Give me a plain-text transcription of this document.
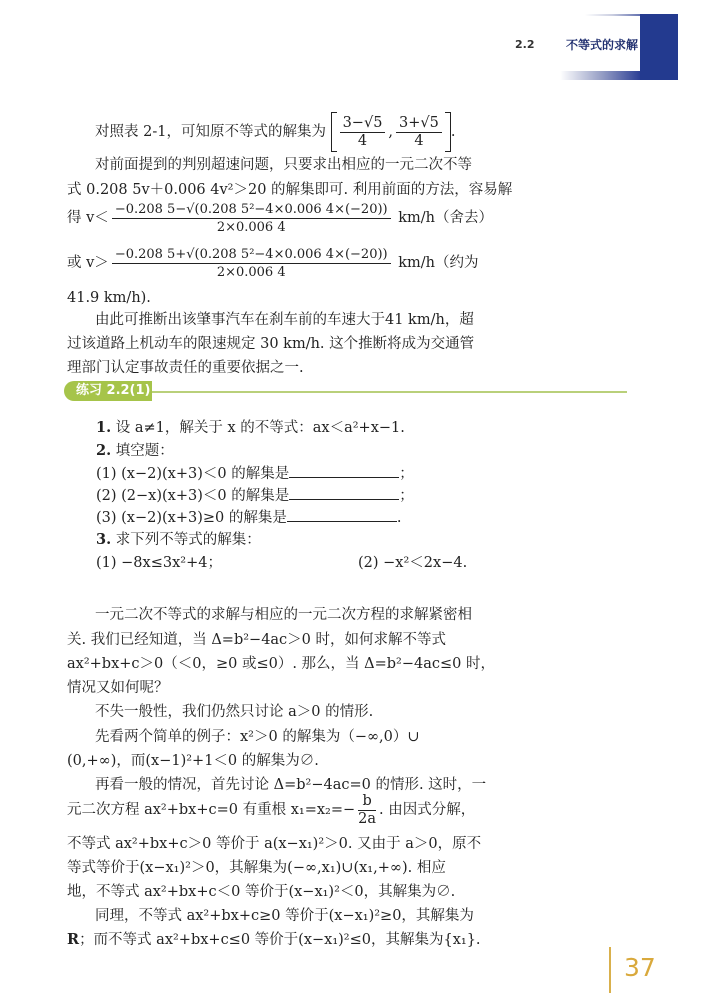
2.2	不等式的求解
对照表 2-1，可知原不等式的解集为 $\frac{3-√5}{4}$ , $\frac{3+√5}{4}$ .
对前面提到的判别超速问题，只要求出相应的一元二次不等
式 0.208 5v＋0.006 4v²＞20 的解集即可. 利用前面的方法，容易解
得 $v< \frac{\text{−0.208 5−√(0.208 5²−4×0.006 4×(−20))}}{2\times 0.006 4} km/h$（舍去）
或 $v> \frac{\text{−0.208 5+√(0.208 5²−4×0.006 4×(−20))}}{2\times 0.006 4} km/h$（约为
41.9 km/h).
由此可推断出该肇事汽车在刹车前的车速大于41 km/h，超
过该道路上机动车的限速规定 30 km/h. 这个推断将成为交通管
理部门认定事故责任的重要依据之一.
练习 2.2(1)
1. 设 a≠1，解关于 x 的不等式：ax＜a²+x−1.
2. 填空题：
(1) (x−2)(x+3)＜0 的解集是	；
(2) (2−x)(x+3)＜0 的解集是	；
(3) (x−2)(x+3)≥0 的解集是	.
3. 求下列不等式的解集：
(1) −8x≤3x²+4；	(2) −x²＜2x−4.
一元二次不等式的求解与相应的一元二次方程的求解紧密相
关. 我们已经知道，当 Δ=b²−4ac＞0 时，如何求解不等式
ax²+bx+c＞0（＜0，≥0 或≤0）. 那么，当 Δ=b²−4ac≤0 时，
情况又如何呢？
不失一般性，我们仍然只讨论 a＞0 的情形.
先看两个简单的例子：x²＞0 的解集为（−∞,0）∪
(0,+∞)，而(x−1)²+1＜0 的解集为∅.
再看一般的情况，首先讨论 Δ=b²−4ac=0 的情形. 这时，一
元二次方程 ax²+bx+c=0 有重根 $x_1=x_2=- \frac{b}{2a}$ . 由因式分解，
不等式 ax²+bx+c＞0 等价于 a(x−x₁)²＞0. 又由于 a＞0，原不
等式等价于(x−x₁)²＞0，其解集为(−∞,x₁)∪(x₁,+∞). 相应
地，不等式 ax²+bx+c＜0 等价于(x−x₁)²＜0，其解集为∅.
同理，不等式 ax²+bx+c≥0 等价于(x−x₁)²≥0，其解集为
R；而不等式 ax²+bx+c≤0 等价于(x−x₁)²≤0，其解集为{x₁}.
37
